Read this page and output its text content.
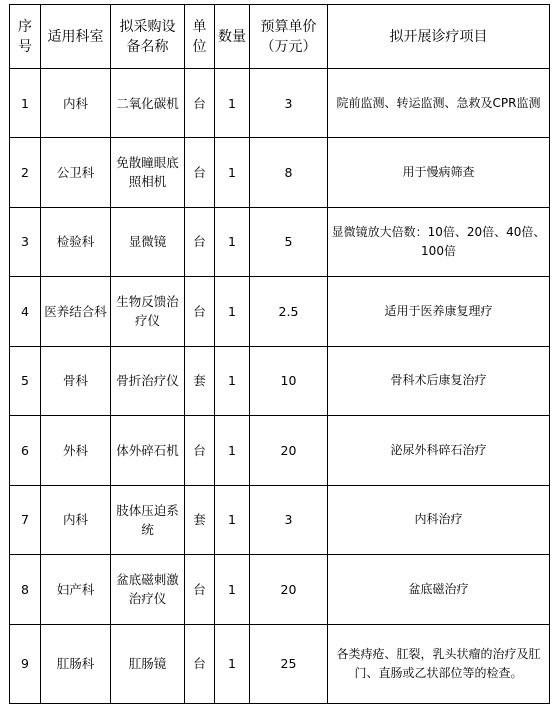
序号	适用科室	拟采购设备名称	单位	数量	预算单价（万元）	拟开展诊疗项目
1	内科	二氧化碳机	台	1	3	院前监测、转运监测、急救及CPR监测
2	公卫科	免散瞳眼底照相机	台	1	8	用于慢病筛查
3	检验科	显微镜	台	1	5	显微镜放大倍数：10倍、20倍、40倍、100倍
4	医养结合科	生物反馈治疗仪	台	1	2.5	适用于医养康复理疗
5	骨科	骨折治疗仪	套	1	10	骨科术后康复治疗
6	外科	体外碎石机	台	1	20	泌尿外科碎石治疗
7	内科	肢体压迫系统	套	1	3	内科治疗
8	妇产科	盆底磁刺激治疗仪	台	1	20	盆底磁治疗
9	肛肠科	肛肠镜	台	1	25	各类痔疮、肛裂，乳头状瘤的治疗及肛门、直肠或乙状部位等的检查。
